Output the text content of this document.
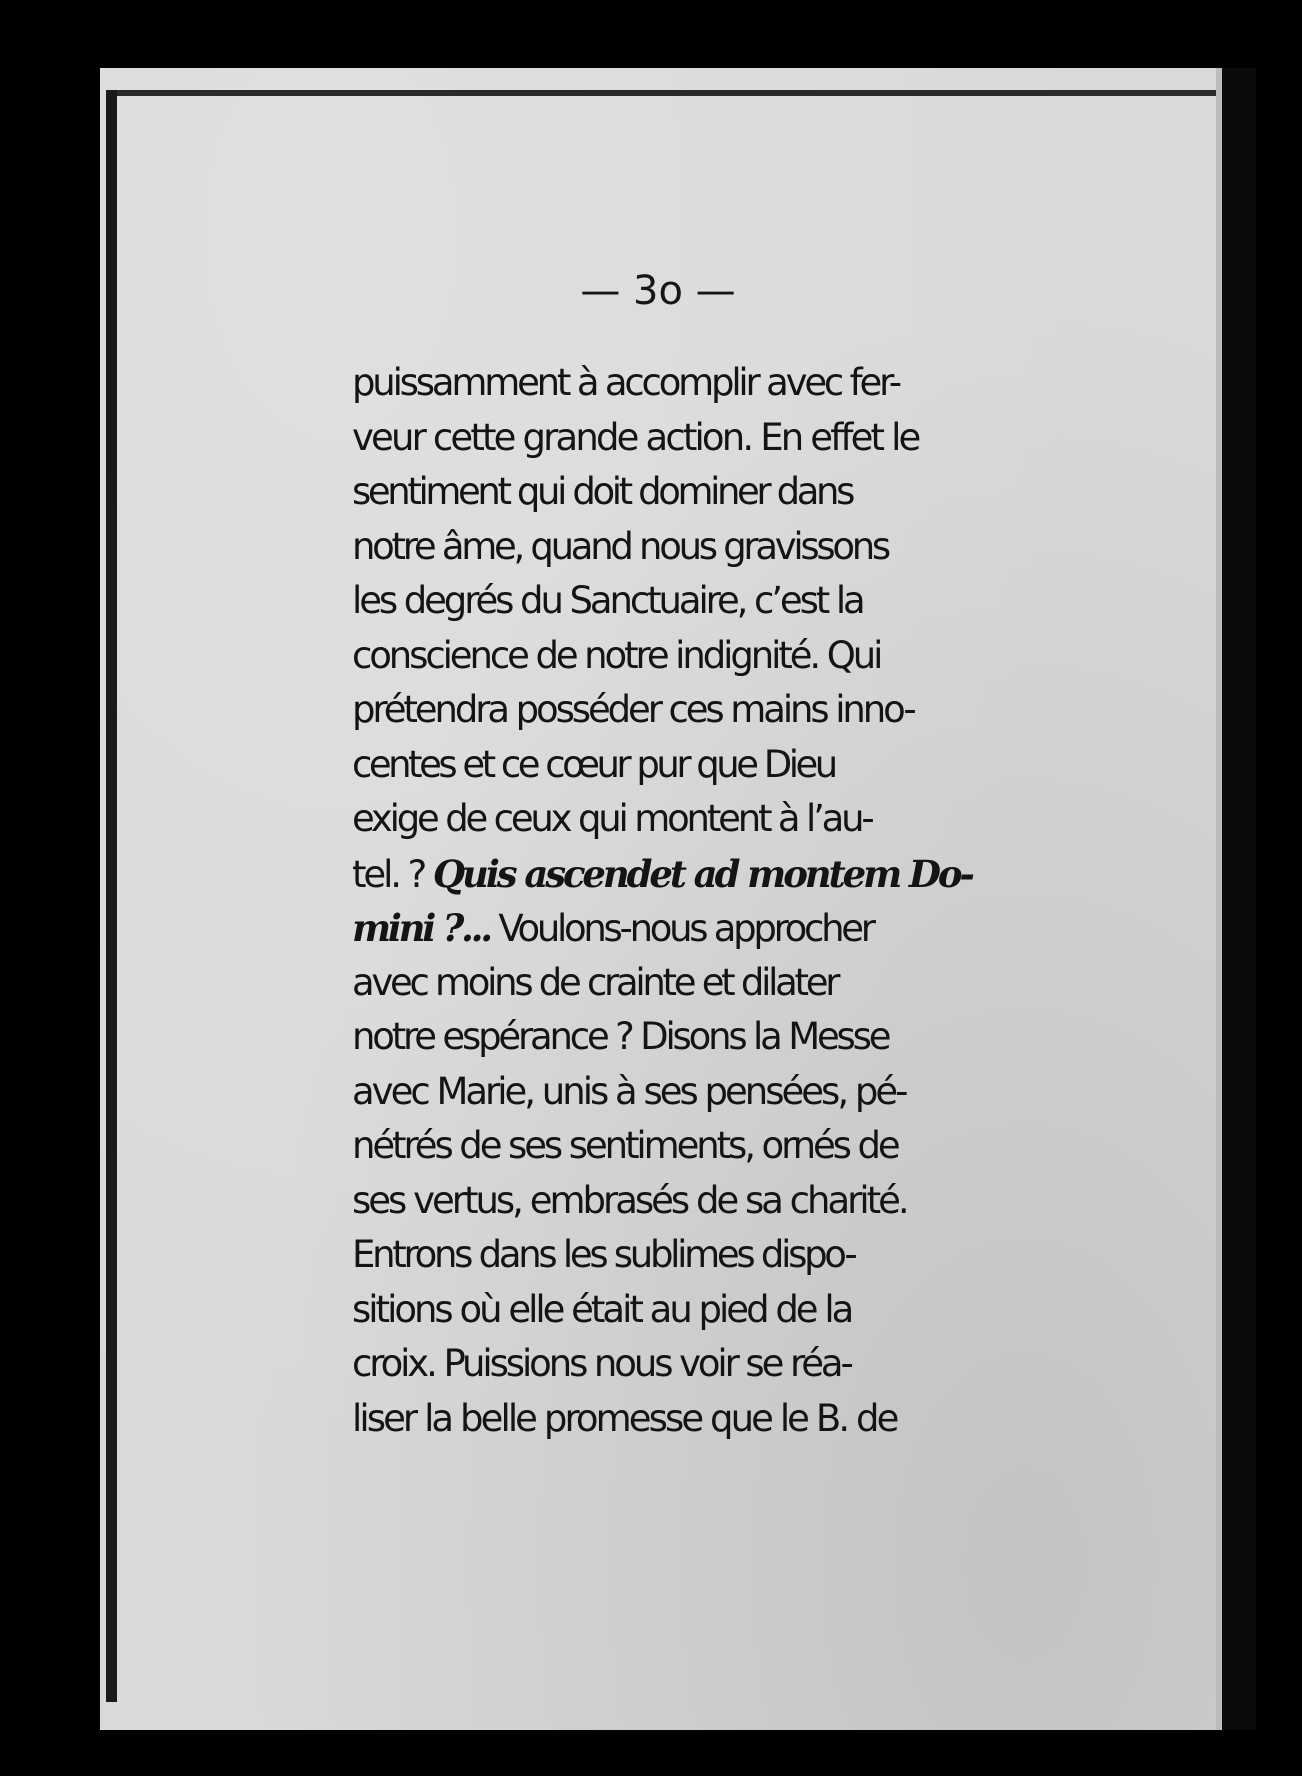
— 3o —
puissamment à accomplir avec fer-
veur cette grande action. En effet le
sentiment qui doit dominer dans
notre âme, quand nous gravissons
les degrés du Sanctuaire, c’est la
conscience de notre indignité. Qui
prétendra posséder ces mains inno-
centes et ce cœur pur que Dieu
exige de ceux qui montent à l’au-
tel. ? Quis ascendet ad montem Do-
mini ?... Voulons-nous approcher
avec moins de crainte et dilater
notre espérance ? Disons la Messe
avec Marie, unis à ses pensées, pé-
nétrés de ses sentiments, ornés de
ses vertus, embrasés de sa charité.
Entrons dans les sublimes dispo-
sitions où elle était au pied de la
croix. Puissions nous voir se réa-
liser la belle promesse que le B. de
